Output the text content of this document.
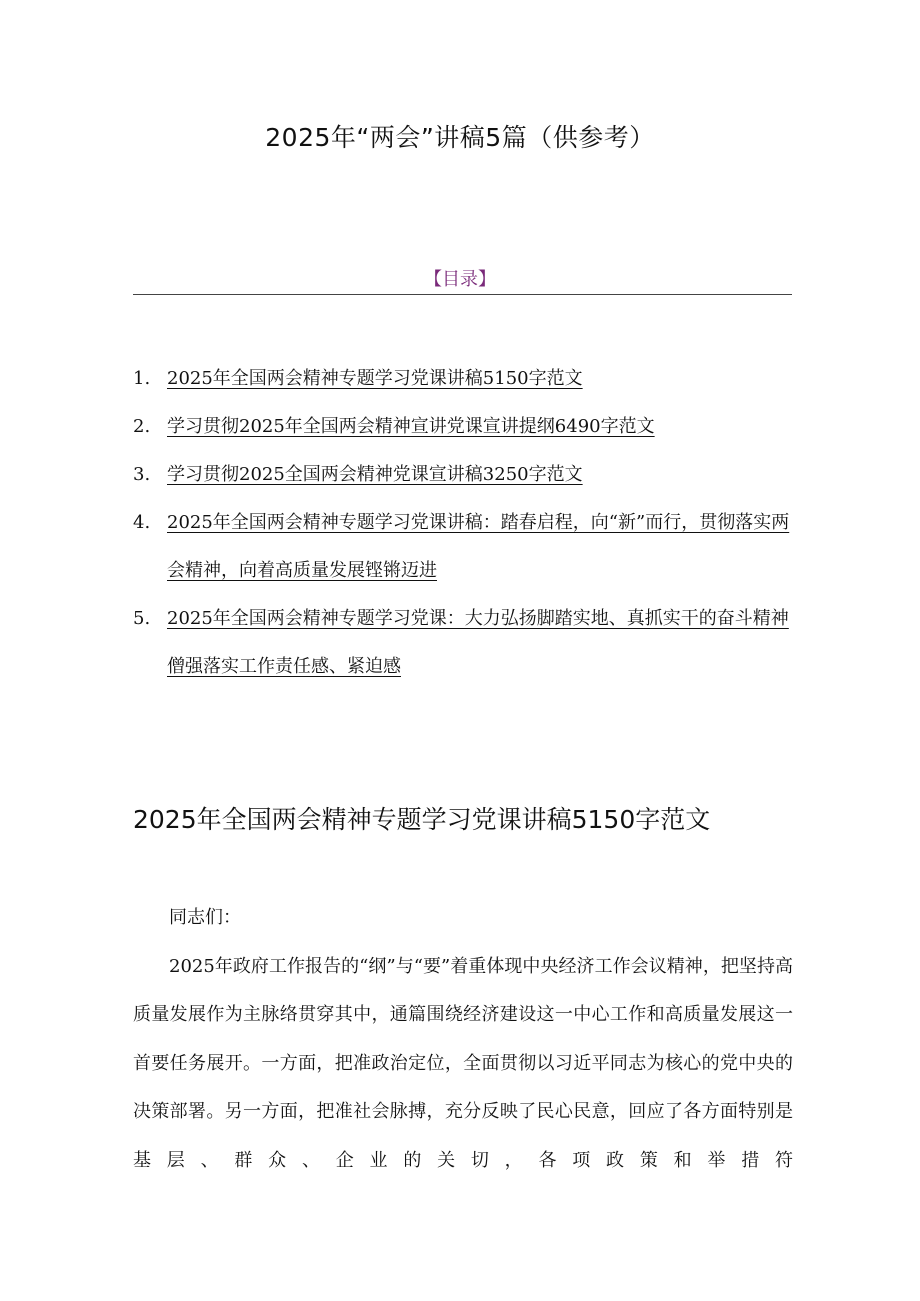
2025年“两会”讲稿5篇（供参考）
【目录】
1. 2025年全国两会精神专题学习党课讲稿5150字范文
2. 学习贯彻2025年全国两会精神宣讲党课宣讲提纲6490字范文
3. 学习贯彻2025全国两会精神党课宣讲稿3250字范文
4. 2025年全国两会精神专题学习党课讲稿：踏春启程，向“新”而行，贯彻落实两会精神，向着高质量发展铿锵迈进
5. 2025年全国两会精神专题学习党课：大力弘扬脚踏实地、真抓实干的奋斗精神僧强落实工作责任感、紧迫感
2025年全国两会精神专题学习党课讲稿5150字范文

同志们：

2025年政府工作报告的“纲”与“要”着重体现中央经济工作会议精神，把坚持高质量发展作为主脉络贯穿其中，通篇围绕经济建设这一中心工作和高质量发展这一首要任务展开。一方面，把准政治定位，全面贯彻以习近平同志为核心的党中央的决策部署。另一方面，把准社会脉搏，充分反映了民心民意，回应了各方面特别是基层、群众、企业的关切，各项政策和举措符
